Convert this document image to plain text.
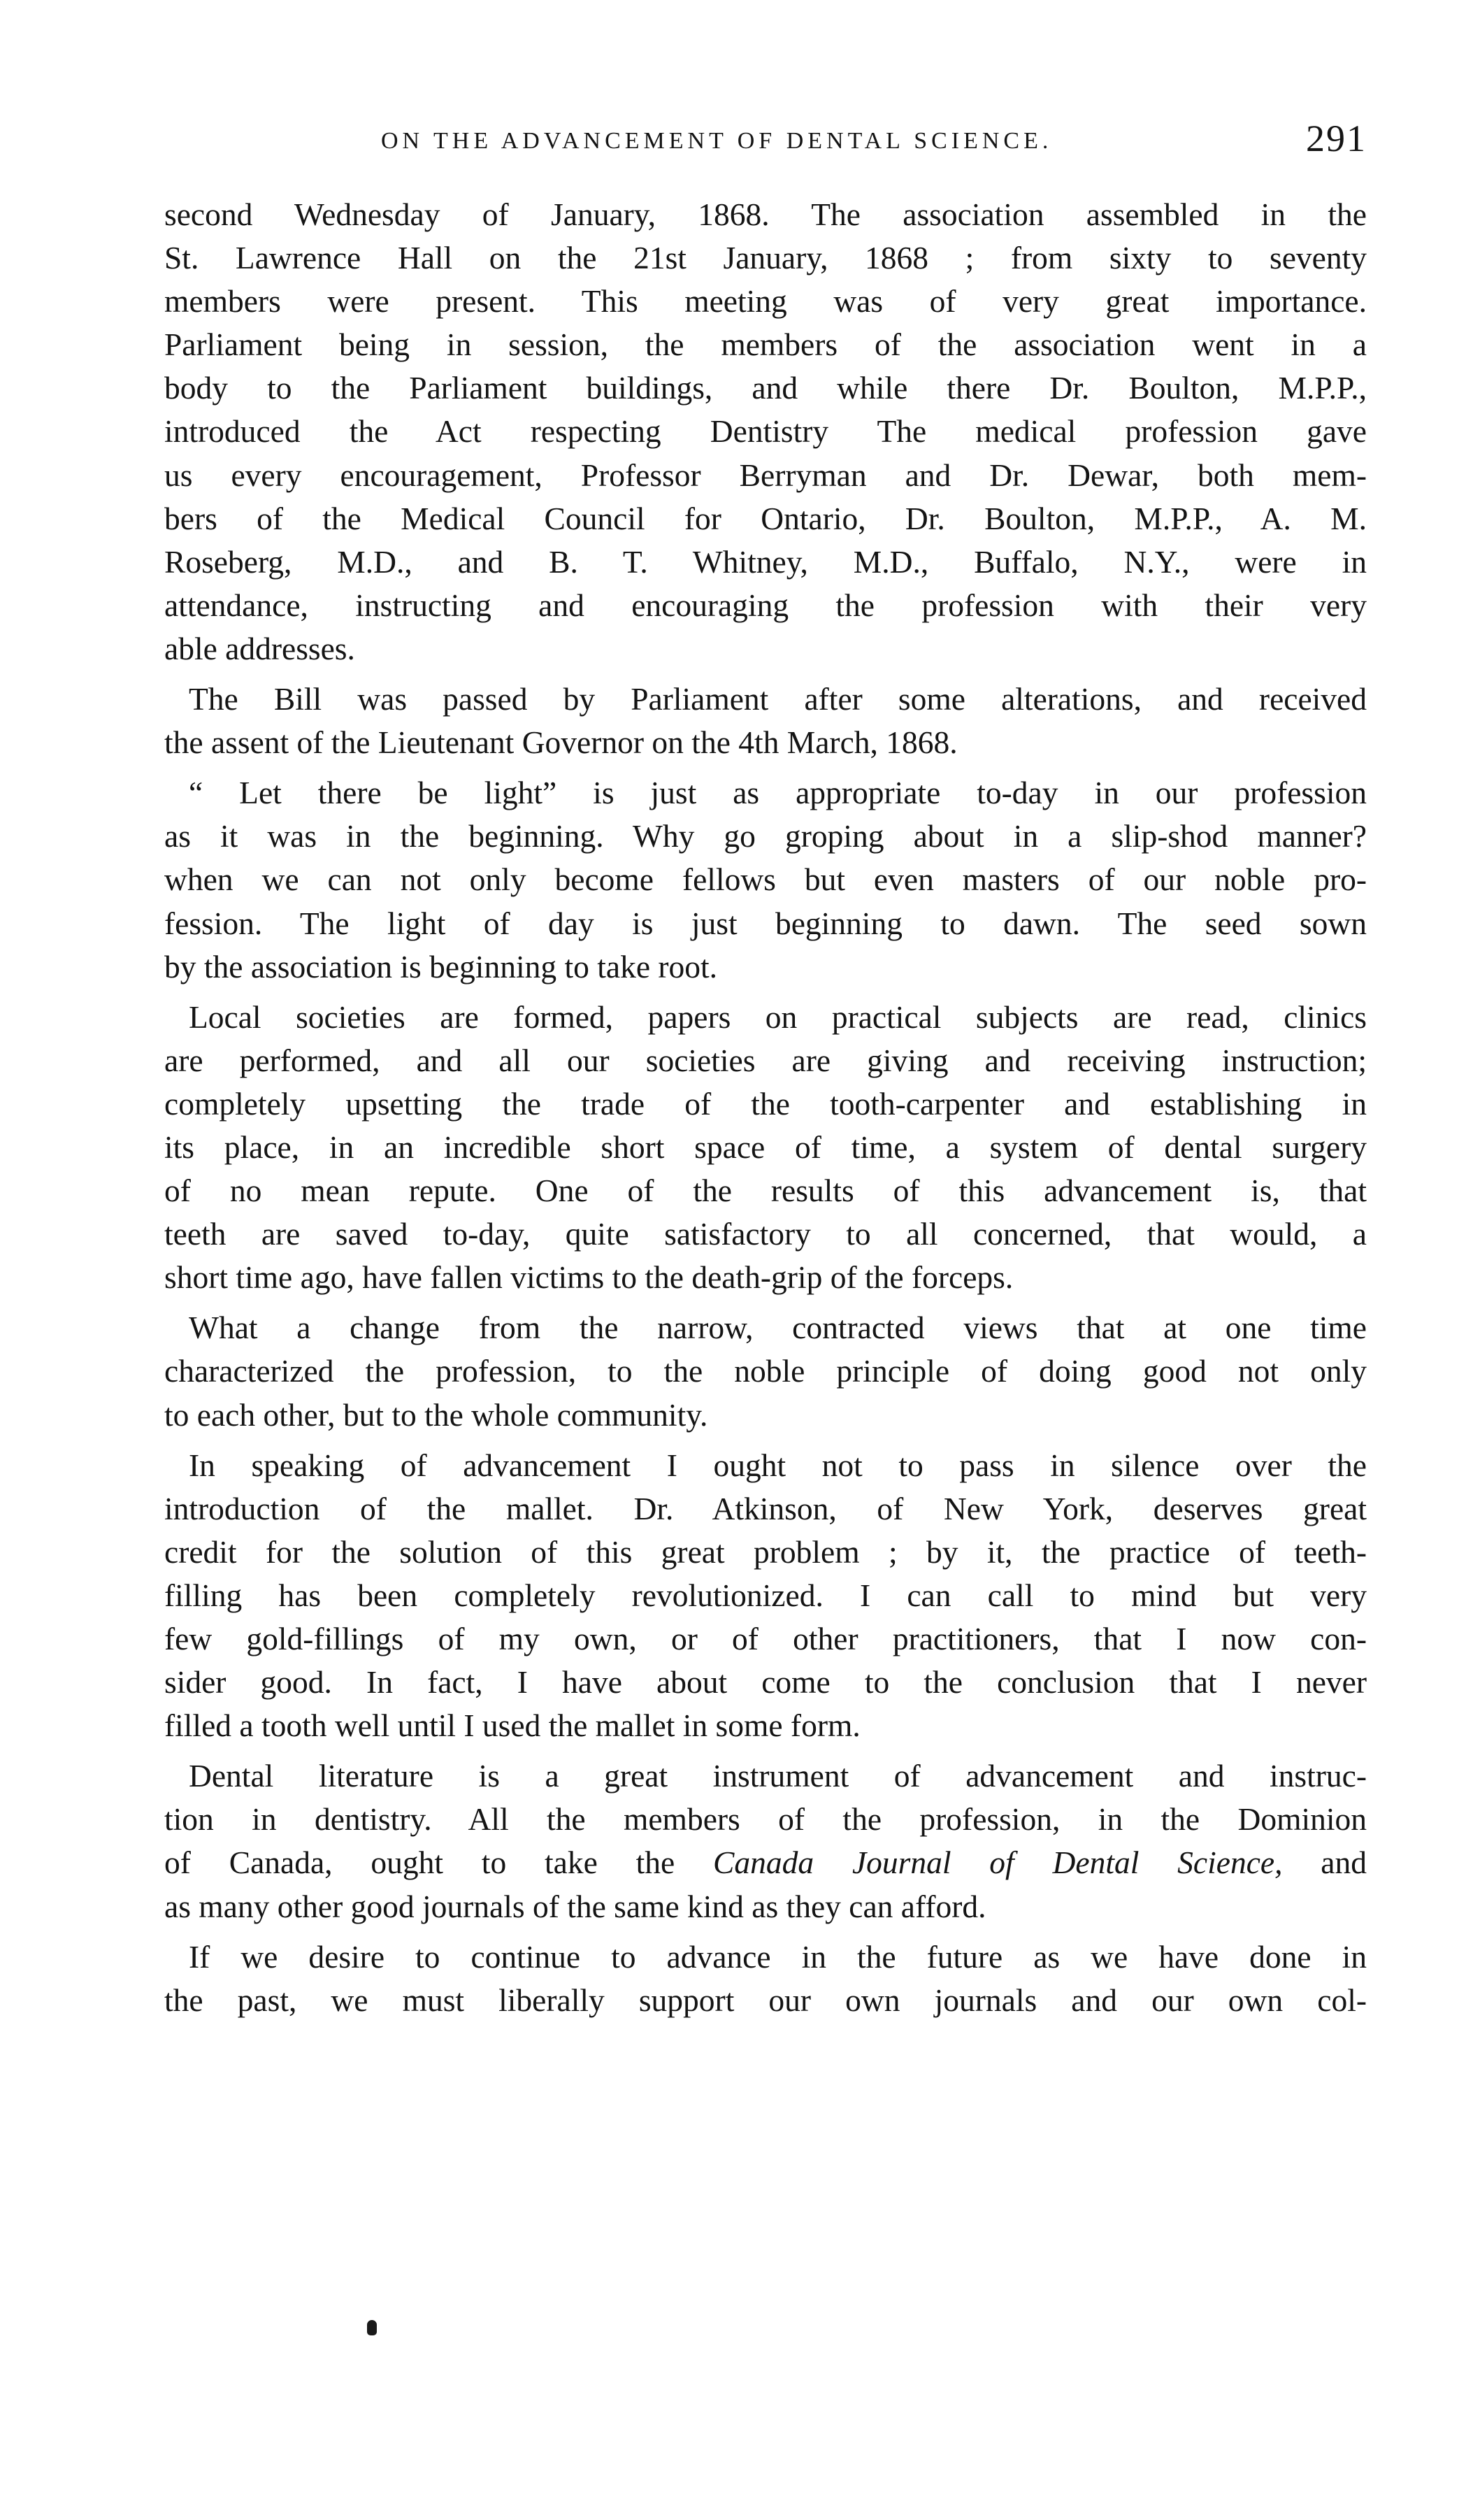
ON THE ADVANCEMENT OF DENTAL SCIENCE.	291

second Wednesday of January, 1868. The association assembled in the
St. Lawrence Hall on the 21st January, 1868 ; from sixty to seventy
members were present. This meeting was of very great importance.
Parliament being in session, the members of the association went in a
body to the Parliament buildings, and while there Dr. Boulton, M.P.P.,
introduced the Act respecting Dentistry The medical profession gave
us every encouragement, Professor Berryman and Dr. Dewar, both mem-
bers of the Medical Council for Ontario, Dr. Boulton, M.P.P., A. M.
Roseberg, M.D., and B. T. Whitney, M.D., Buffalo, N.Y., were in
attendance, instructing and encouraging the profession with their very
able addresses.

The Bill was passed by Parliament after some alterations, and received
the assent of the Lieutenant Governor on the 4th March, 1868.

“ Let there be light” is just as appropriate to-day in our profession
as it was in the beginning. Why go groping about in a slip-shod manner?
when we can not only become fellows but even masters of our noble pro-
fession. The light of day is just beginning to dawn. The seed sown
by the association is beginning to take root.

Local societies are formed, papers on practical subjects are read, clinics
are performed, and all our societies are giving and receiving instruction;
completely upsetting the trade of the tooth-carpenter and establishing in
its place, in an incredible short space of time, a system of dental surgery
of no mean repute. One of the results of this advancement is, that
teeth are saved to-day, quite satisfactory to all concerned, that would, a
short time ago, have fallen victims to the death-grip of the forceps.

What a change from the narrow, contracted views that at one time
characterized the profession, to the noble principle of doing good not only
to each other, but to the whole community.

In speaking of advancement I ought not to pass in silence over the
introduction of the mallet. Dr. Atkinson, of New York, deserves great
credit for the solution of this great problem ; by it, the practice of teeth-
filling has been completely revolutionized. I can call to mind but very
few gold-fillings of my own, or of other practitioners, that I now con-
sider good. In fact, I have about come to the conclusion that I never
filled a tooth well until I used the mallet in some form.

Dental literature is a great instrument of advancement and instruc-
tion in dentistry. All the members of the profession, in the Dominion
of Canada, ought to take the Canada Journal of Dental Science, and
as many other good journals of the same kind as they can afford.

If we desire to continue to advance in the future as we have done in
the past, we must liberally support our own journals and our own col-
